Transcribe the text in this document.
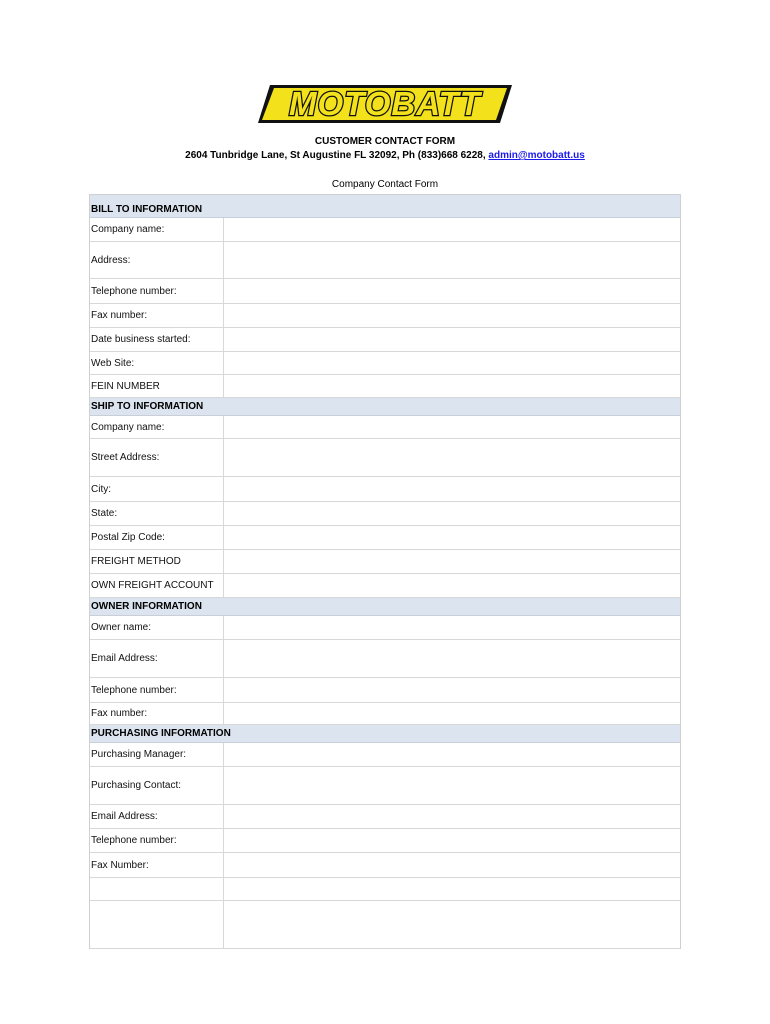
MOTOBATT
CUSTOMER CONTACT FORM
2604 Tunbridge Lane, St Augustine FL 32092, Ph (833)668 6228, admin@motobatt.us
Company Contact Form
BILL TO INFORMATION
Company name:
Address:
Telephone number:
Fax number:
Date business started:
Web Site:
FEIN NUMBER
SHIP TO INFORMATION
Company name:
Street Address:
City:
State:
Postal Zip Code:
FREIGHT METHOD
OWN FREIGHT ACCOUNT
OWNER INFORMATION
Owner name:
Email Address:
Telephone number:
Fax number:
PURCHASING INFORMATION
Purchasing Manager:
Purchasing Contact:
Email Address:
Telephone number:
Fax Number:
